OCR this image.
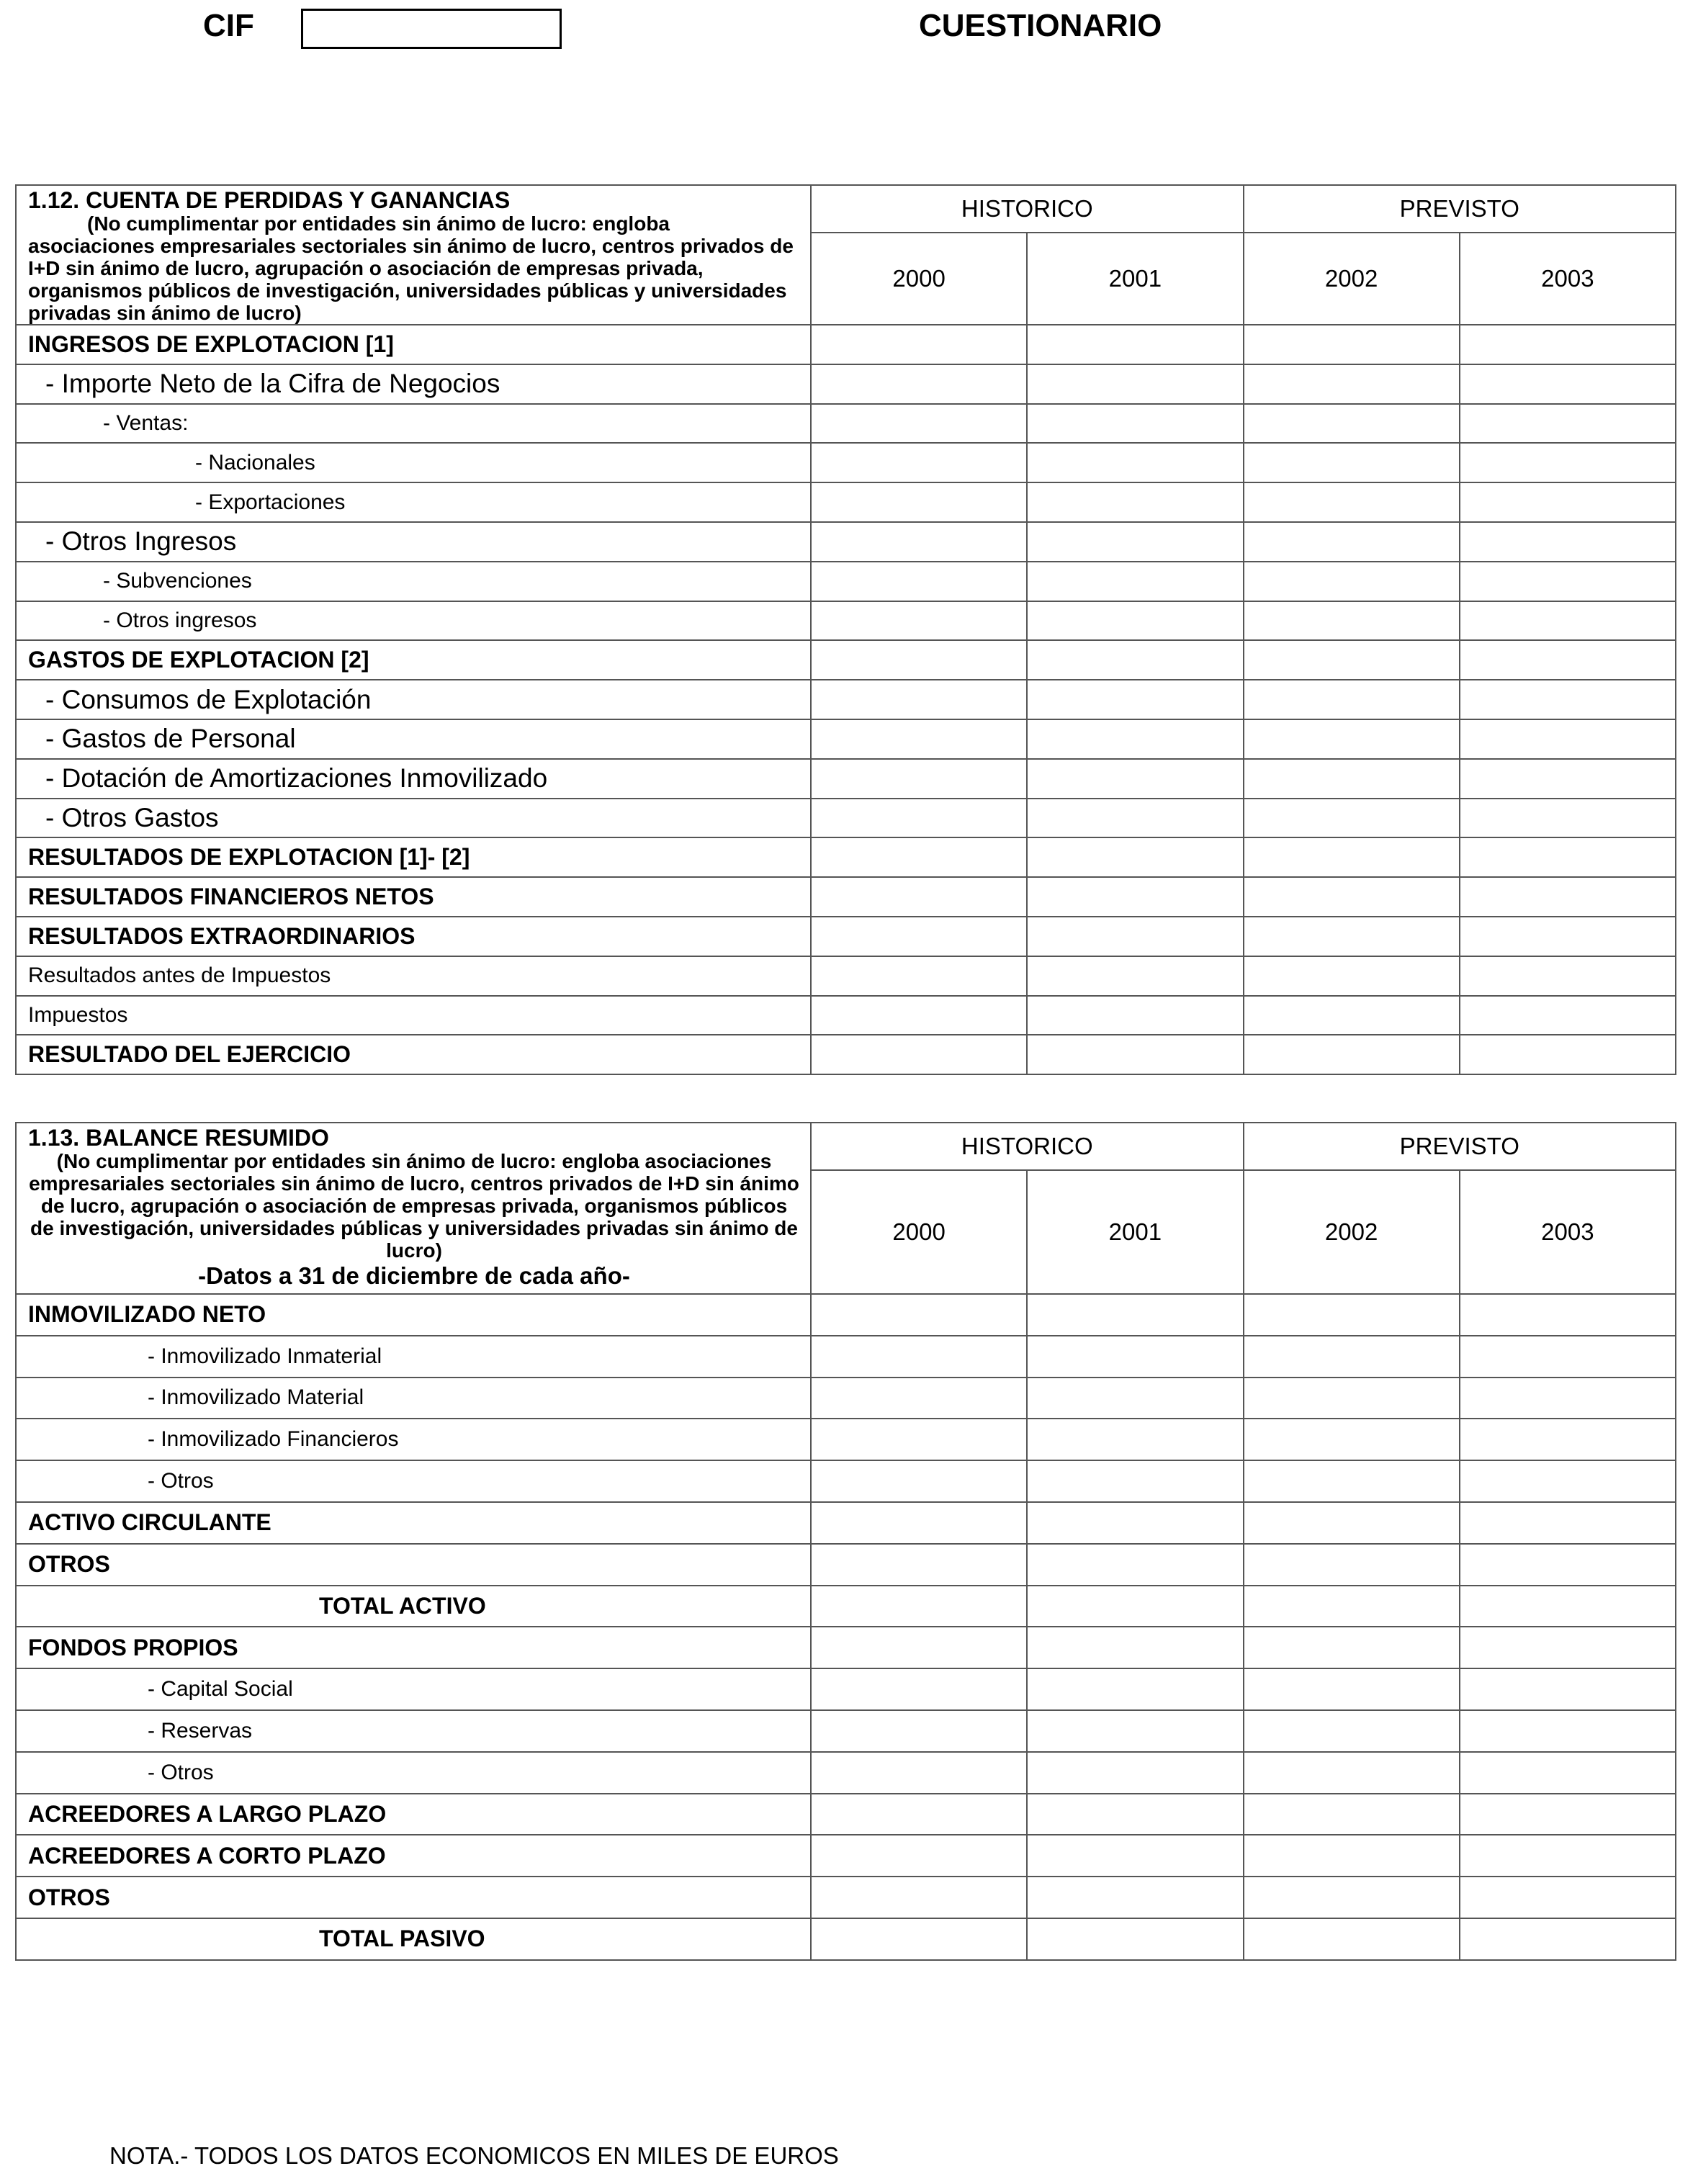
CIF	CUESTIONARIO
1.12. CUENTA DE PERDIDAS Y GANANCIAS
(No cumplimentar por entidades sin ánimo de lucro: engloba asociaciones empresariales sectoriales sin ánimo de lucro, centros privados de I+D sin ánimo de lucro, agrupación o asociación de empresas privada, organismos públicos de investigación, universidades públicas y universidades privadas sin ánimo de lucro)	HISTORICO		PREVISTO	
	2000	2001	2002	2003
INGRESOS DE EXPLOTACION [1]				
- Importe Neto de la Cifra de Negocios				
- Ventas:				
- Nacionales				
- Exportaciones				
- Otros Ingresos				
- Subvenciones				
- Otros ingresos				
GASTOS DE EXPLOTACION [2]				
- Consumos de Explotación				
- Gastos de Personal				
- Dotación de Amortizaciones Inmovilizado				
- Otros Gastos				
RESULTADOS DE EXPLOTACION [1]- [2]				
RESULTADOS FINANCIEROS NETOS				
RESULTADOS EXTRAORDINARIOS				
Resultados antes de Impuestos				
Impuestos				
RESULTADO DEL EJERCICIO				
1.13. BALANCE RESUMIDO
(No cumplimentar por entidades sin ánimo de lucro: engloba asociaciones empresariales sectoriales sin ánimo de lucro, centros privados de I+D sin ánimo de lucro, agrupación o asociación de empresas privada, organismos públicos de investigación, universidades públicas y universidades privadas sin ánimo de lucro)
-Datos a 31 de diciembre de cada año-	HISTORICO		PREVISTO	
	2000	2001	2002	2003
INMOVILIZADO NETO				
- Inmovilizado Inmaterial				
- Inmovilizado Material				
- Inmovilizado Financieros				
- Otros				
ACTIVO CIRCULANTE				
OTROS				
TOTAL ACTIVO				
FONDOS PROPIOS				
- Capital Social				
- Reservas				
- Otros				
ACREEDORES A LARGO PLAZO				
ACREEDORES A CORTO PLAZO				
OTROS				
TOTAL PASIVO				
NOTA.- TODOS LOS DATOS ECONOMICOS EN MILES DE EUROS
